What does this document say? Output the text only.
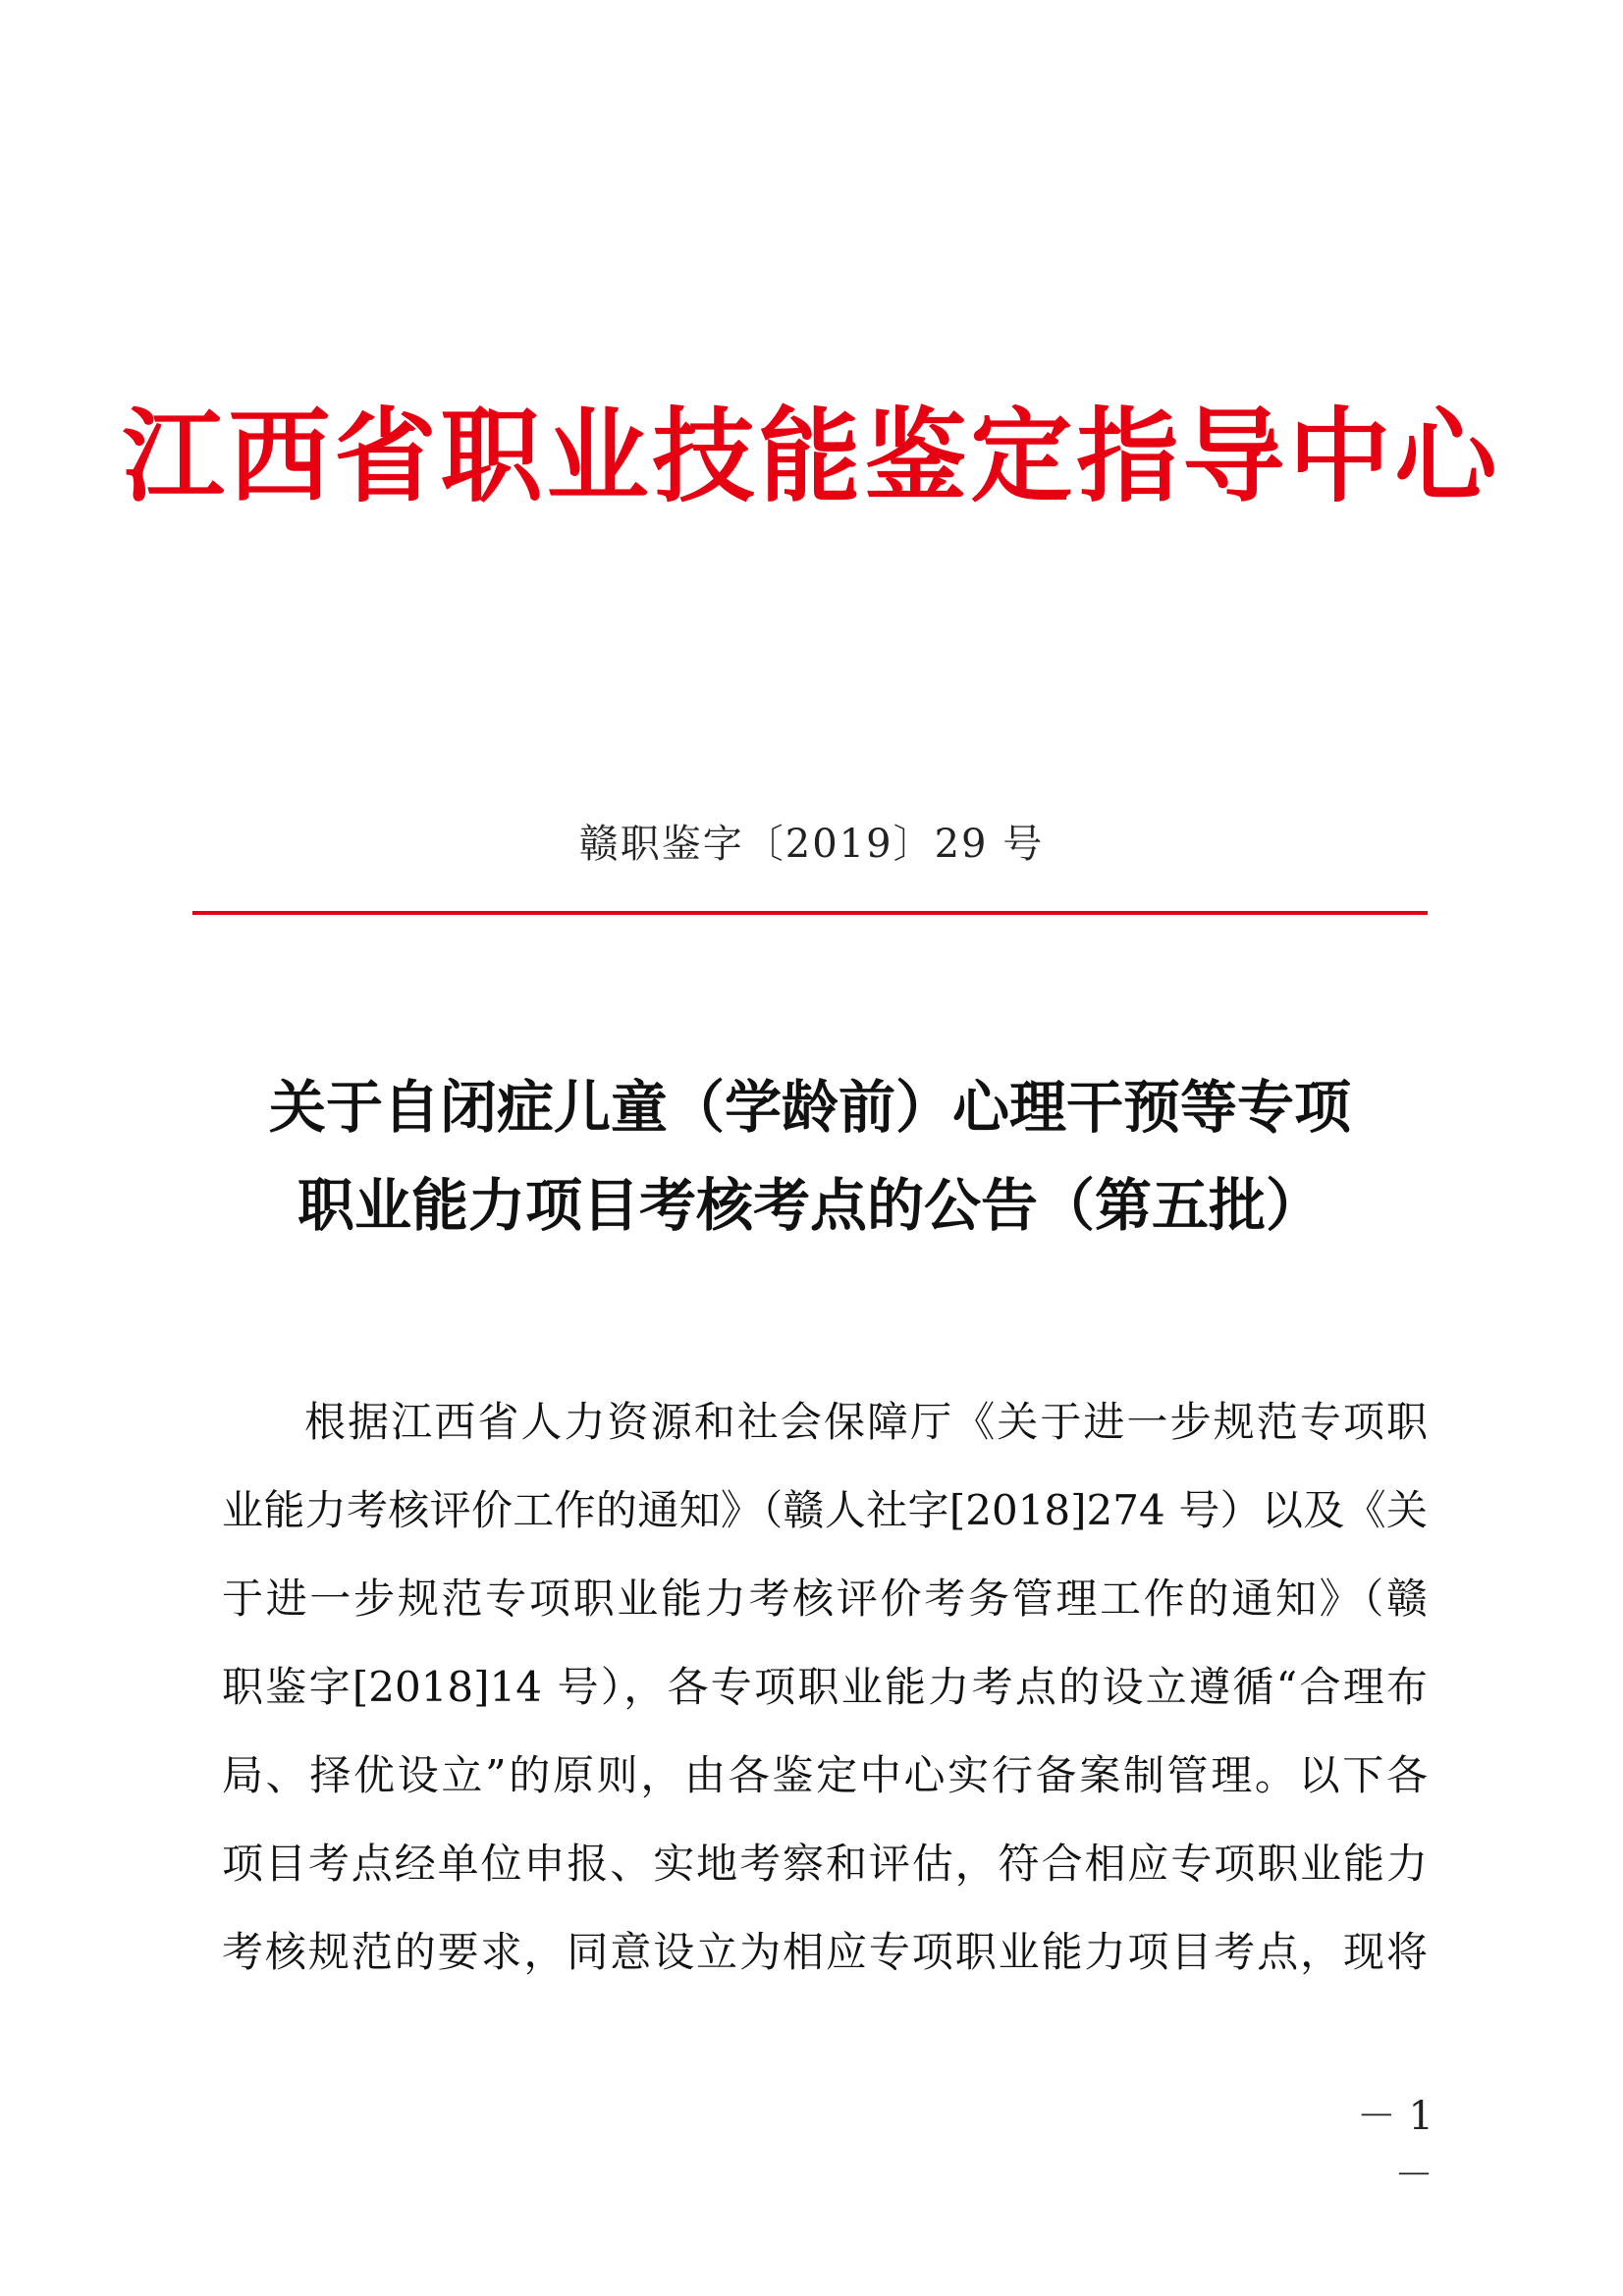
江西省职业技能鉴定指导中心
赣职鉴字〔2019〕29 号
关于自闭症儿童（学龄前）心理干预等专项
职业能力项目考核考点的公告（第五批）
根据江西省人力资源和社会保障厅《关于进一步规范专项职
业能力考核评价工作的通知》（赣人社字[2018]274 号）以及《关
于进一步规范专项职业能力考核评价考务管理工作的通知》（赣
职鉴字[2018]14 号），各专项职业能力考点的设立遵循“合理布
局、择优设立”的原则，由各鉴定中心实行备案制管理。以下各
项目考点经单位申报、实地考察和评估，符合相应专项职业能力
考核规范的要求，同意设立为相应专项职业能力项目考点，现将
－ 1 －
